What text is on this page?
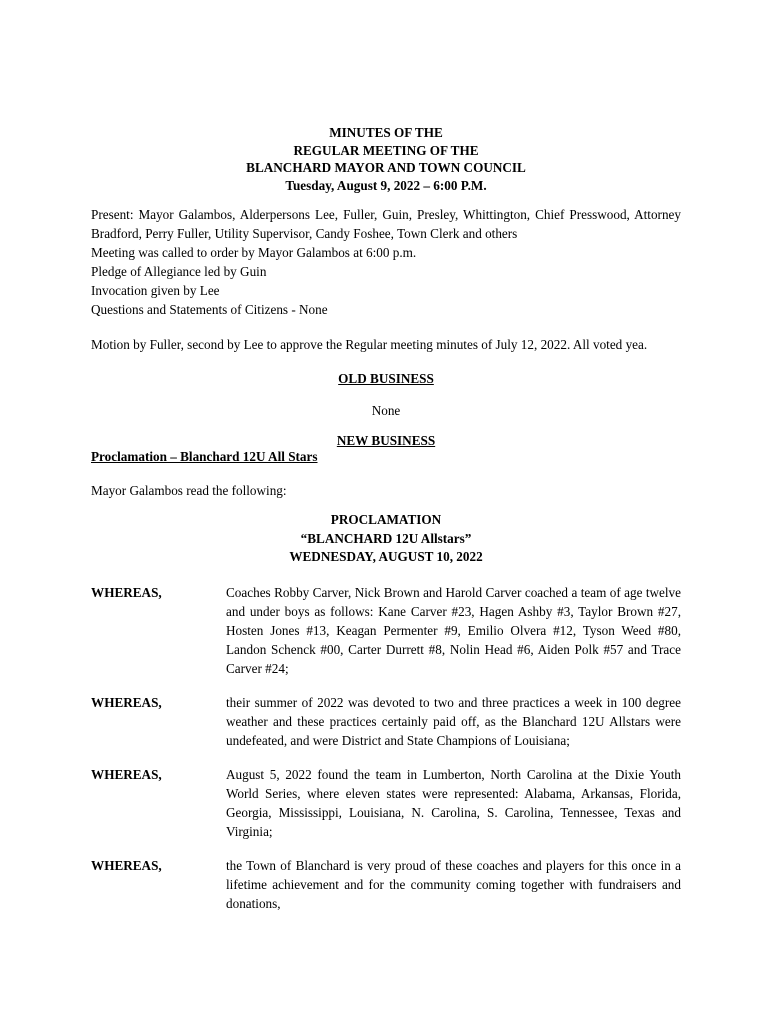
MINUTES OF THE
REGULAR MEETING OF THE
BLANCHARD MAYOR AND TOWN COUNCIL
Tuesday, August 9, 2022 – 6:00 P.M.
Present: Mayor Galambos, Alderpersons Lee, Fuller, Guin, Presley, Whittington, Chief Presswood, Attorney Bradford, Perry Fuller, Utility Supervisor, Candy Foshee, Town Clerk and others
Meeting was called to order by Mayor Galambos at 6:00 p.m.
Pledge of Allegiance led by Guin
Invocation given by Lee
Questions and Statements of Citizens - None
Motion by Fuller, second by Lee to approve the Regular meeting minutes of July 12, 2022. All voted yea.
OLD BUSINESS
None
NEW BUSINESS
Proclamation – Blanchard 12U All Stars
Mayor Galambos read the following:
PROCLAMATION
“BLANCHARD 12U Allstars”
WEDNESDAY, AUGUST 10, 2022
WHEREAS,	Coaches Robby Carver, Nick Brown and Harold Carver coached a team of age twelve and under boys as follows: Kane Carver #23, Hagen Ashby #3, Taylor Brown #27, Hosten Jones #13, Keagan Permenter #9, Emilio Olvera #12, Tyson Weed #80, Landon Schenck #00, Carter Durrett #8, Nolin Head #6, Aiden Polk #57 and Trace Carver #24;
WHEREAS,	their summer of 2022 was devoted to two and three practices a week in 100 degree weather and these practices certainly paid off, as the Blanchard 12U Allstars were undefeated, and were District and State Champions of Louisiana;
WHEREAS,	August 5, 2022 found the team in Lumberton, North Carolina at the Dixie Youth World Series, where eleven states were represented: Alabama, Arkansas, Florida, Georgia, Mississippi, Louisiana, N. Carolina, S. Carolina, Tennessee, Texas and Virginia;
WHEREAS,	the Town of Blanchard is very proud of these coaches and players for this once in a lifetime achievement and for the community coming together with fundraisers and donations,
